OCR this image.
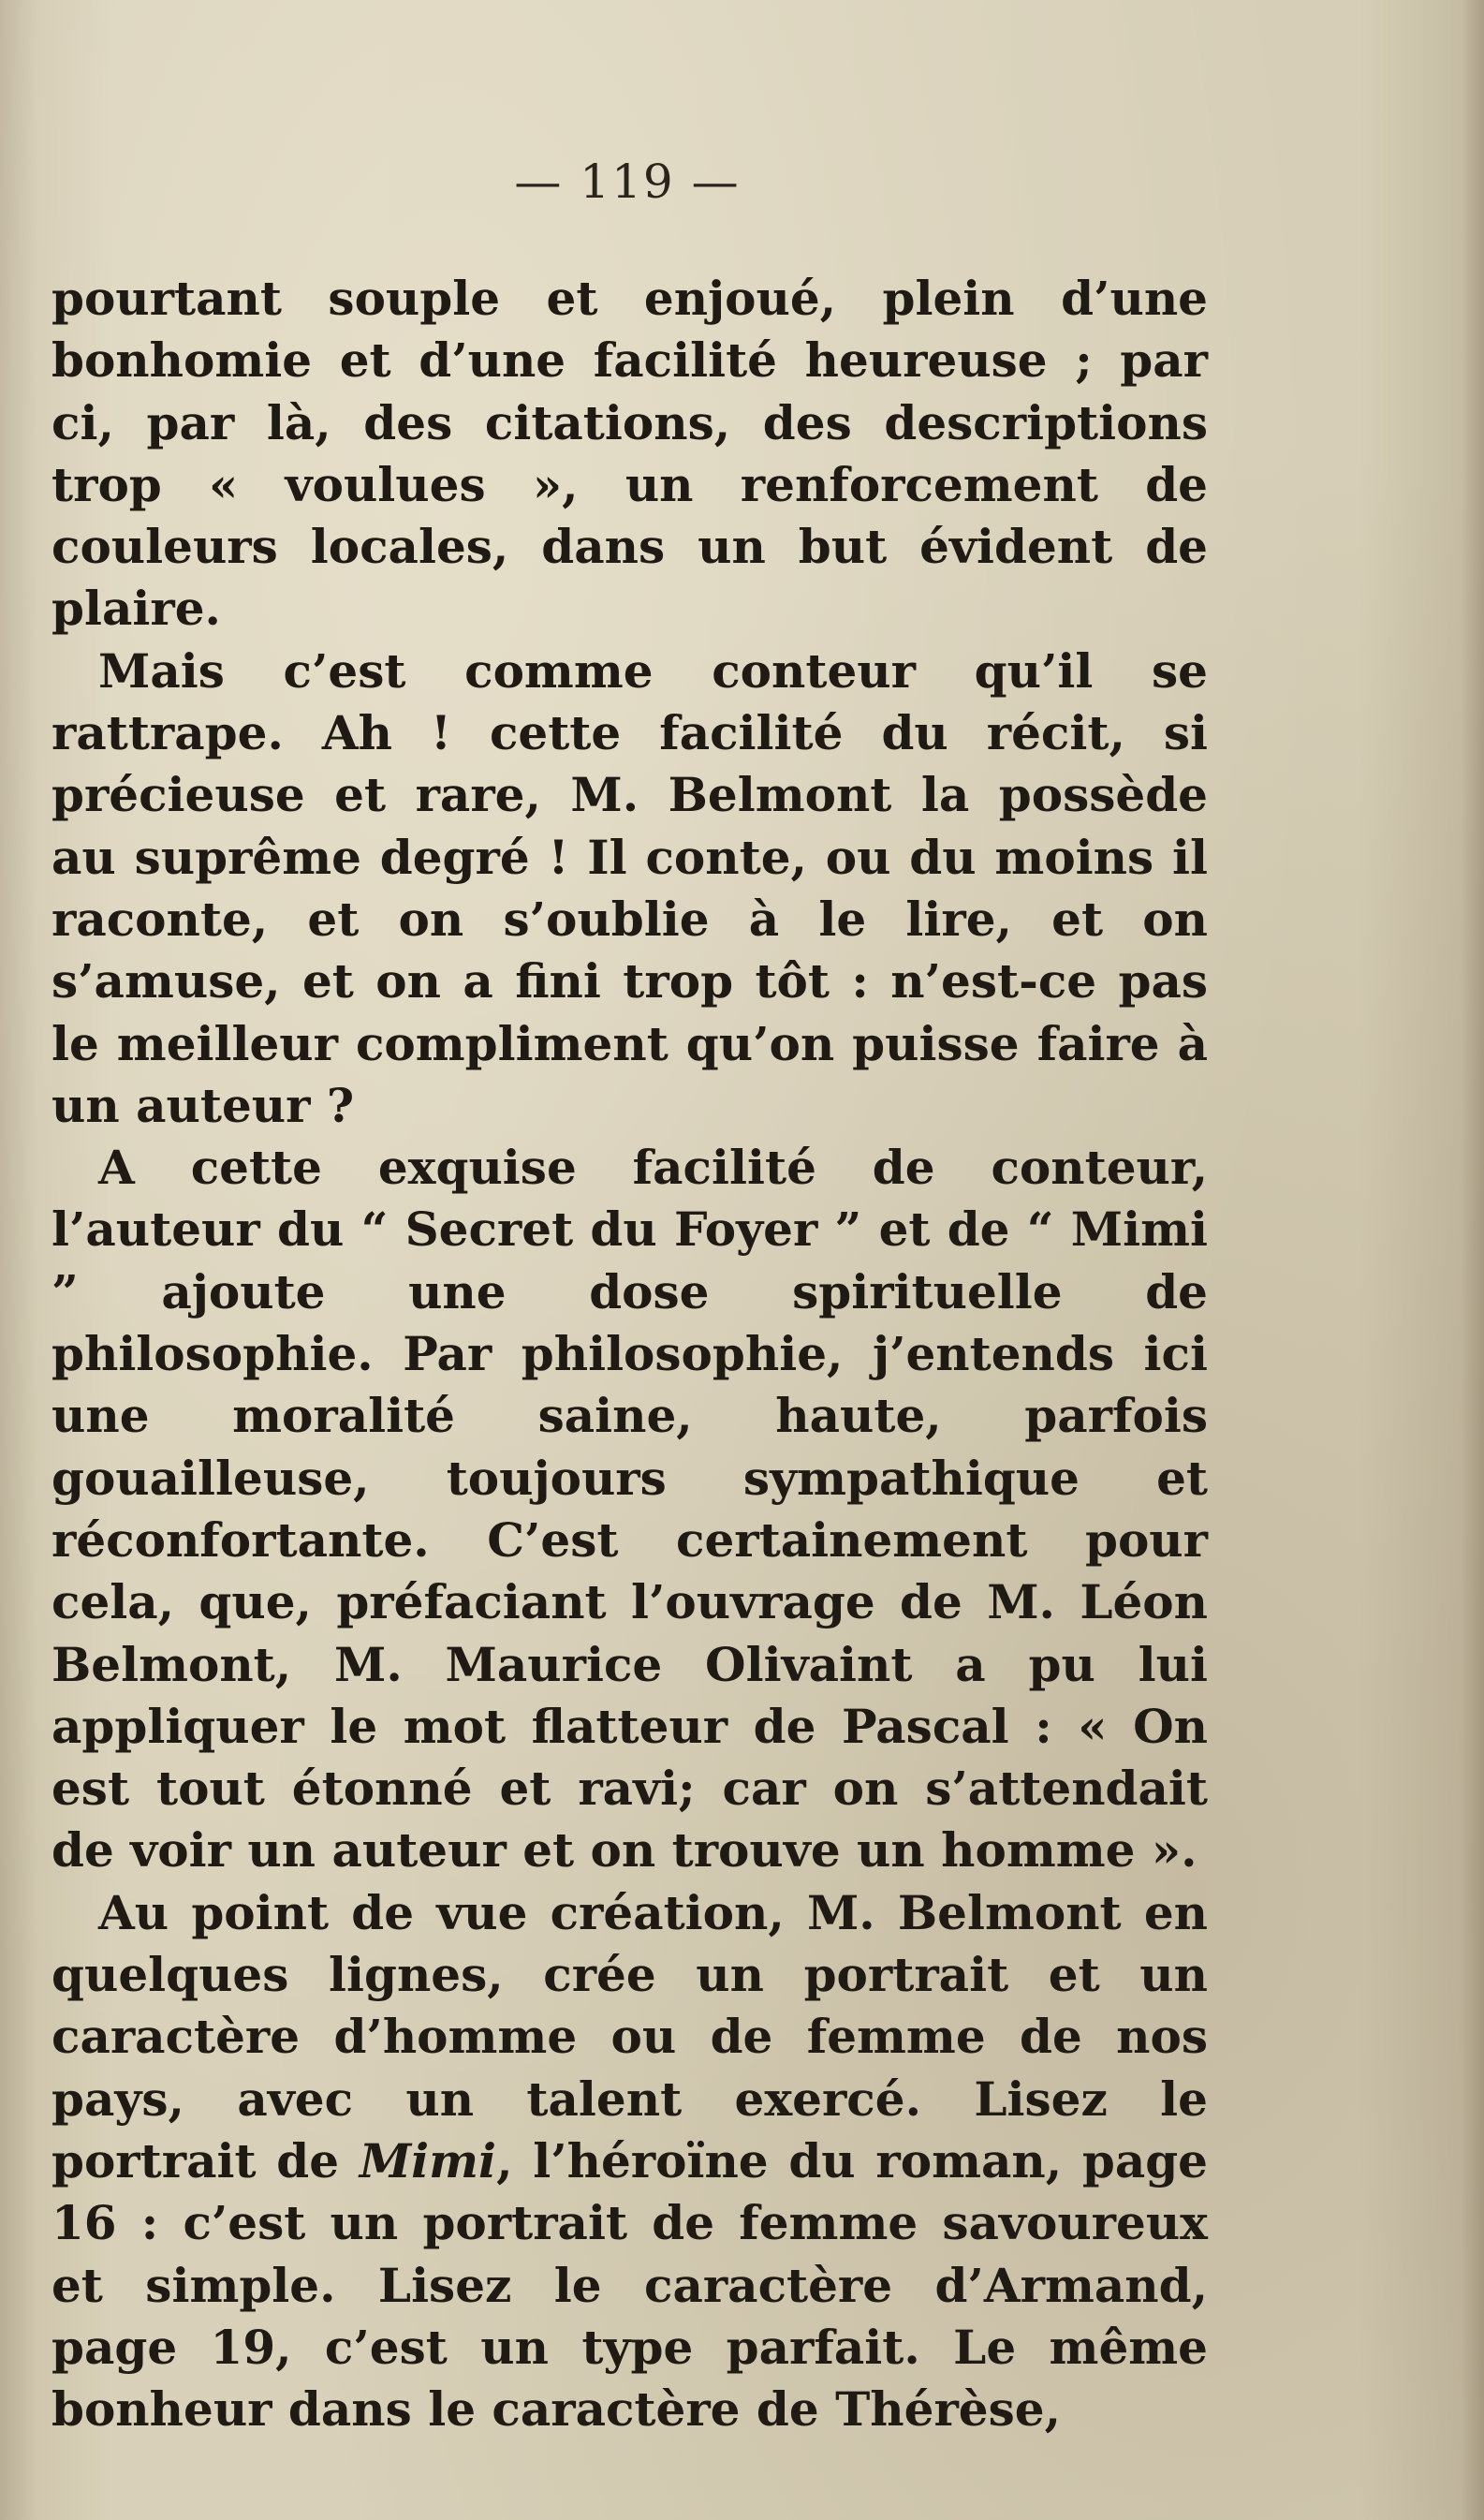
— 119 —

pourtant souple et enjoué, plein d’une bonhomie et d’une facilité heureuse ; par ci, par là, des citations, des descriptions trop « voulues », un renforcement de couleurs locales, dans un but évident de plaire.

Mais c’est comme conteur qu’il se rattrape. Ah ! cette facilité du récit, si précieuse et rare, M. Belmont la possède au suprême degré ! Il conte, ou du moins il raconte, et on s’oublie à le lire, et on s’amuse, et on a fini trop tôt : n’est-ce pas le meilleur compliment qu’on puisse faire à un auteur ?

A cette exquise facilité de conteur, l’auteur du “ Secret du Foyer ” et de “ Mimi ” ajoute une dose spirituelle de philosophie. Par philosophie, j’entends ici une moralité saine, haute, parfois gouailleuse, toujours sympathique et réconfortante. C’est certainement pour cela, que, préfaciant l’ouvrage de M. Léon Belmont, M. Maurice Olivaint a pu lui appliquer le mot flatteur de Pascal : « On est tout étonné et ravi; car on s’attendait de voir un auteur et on trouve un homme ».

Au point de vue création, M. Belmont en quelques lignes, crée un portrait et un caractère d’homme ou de femme de nos pays, avec un talent exercé. Lisez le portrait de Mimi, l’héroïne du roman, page 16 : c’est un portrait de femme savoureux et simple. Lisez le caractère d’Armand, page 19, c’est un type parfait. Le même bonheur dans le caractère de Thérèse,
